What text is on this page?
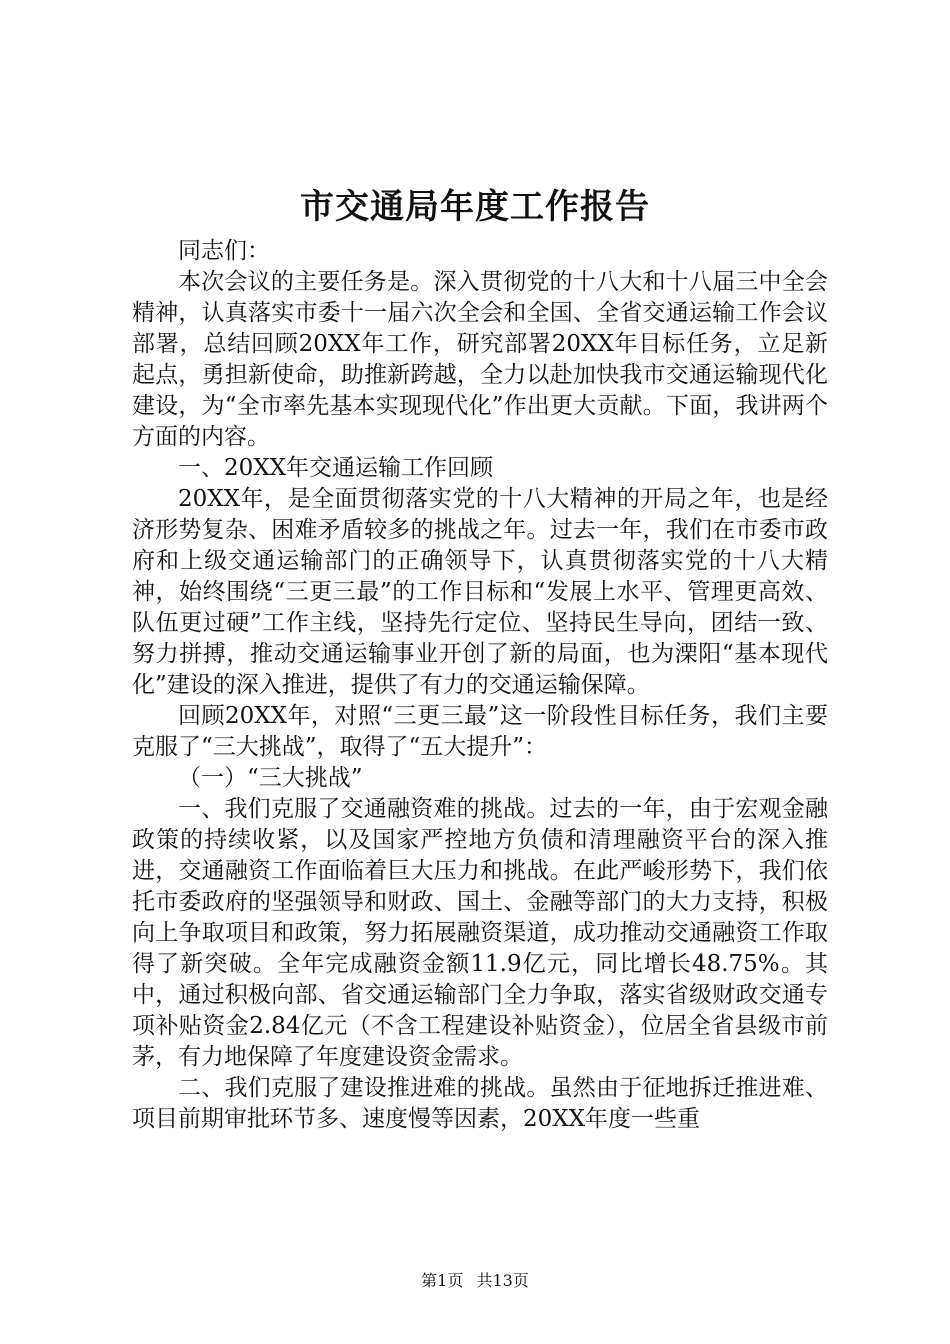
市交通局年度工作报告

同志们：

本次会议的主要任务是。深入贯彻党的十八大和十八届三中全会精神，认真落实市委十一届六次全会和全国、全省交通运输工作会议部署，总结回顾20XX年工作，研究部署20XX年目标任务，立足新起点，勇担新使命，助推新跨越，全力以赴加快我市交通运输现代化建设，为“全市率先基本实现现代化”作出更大贡献。下面，我讲两个方面的内容。

一、20XX年交通运输工作回顾

20XX年，是全面贯彻落实党的十八大精神的开局之年，也是经济形势复杂、困难矛盾较多的挑战之年。过去一年，我们在市委市政府和上级交通运输部门的正确领导下，认真贯彻落实党的十八大精神，始终围绕“三更三最”的工作目标和“发展上水平、管理更高效、队伍更过硬”工作主线，坚持先行定位、坚持民生导向，团结一致、努力拼搏，推动交通运输事业开创了新的局面，也为溧阳“基本现代化”建设的深入推进，提供了有力的交通运输保障。

回顾20XX年，对照“三更三最”这一阶段性目标任务，我们主要克服了“三大挑战”，取得了“五大提升”：

（一）“三大挑战”

一、我们克服了交通融资难的挑战。过去的一年，由于宏观金融政策的持续收紧，以及国家严控地方负债和清理融资平台的深入推进，交通融资工作面临着巨大压力和挑战。在此严峻形势下，我们依托市委政府的坚强领导和财政、国土、金融等部门的大力支持，积极向上争取项目和政策，努力拓展融资渠道，成功推动交通融资工作取得了新突破。全年完成融资金额11.9亿元，同比增长48.75%。其中，通过积极向部、省交通运输部门全力争取，落实省级财政交通专项补贴资金2.84亿元（不含工程建设补贴资金），位居全省县级市前茅，有力地保障了年度建设资金需求。

二、我们克服了建设推进难的挑战。虽然由于征地拆迁推进难、项目前期审批环节多、速度慢等因素，20XX年度一些重

第1页 共13页
